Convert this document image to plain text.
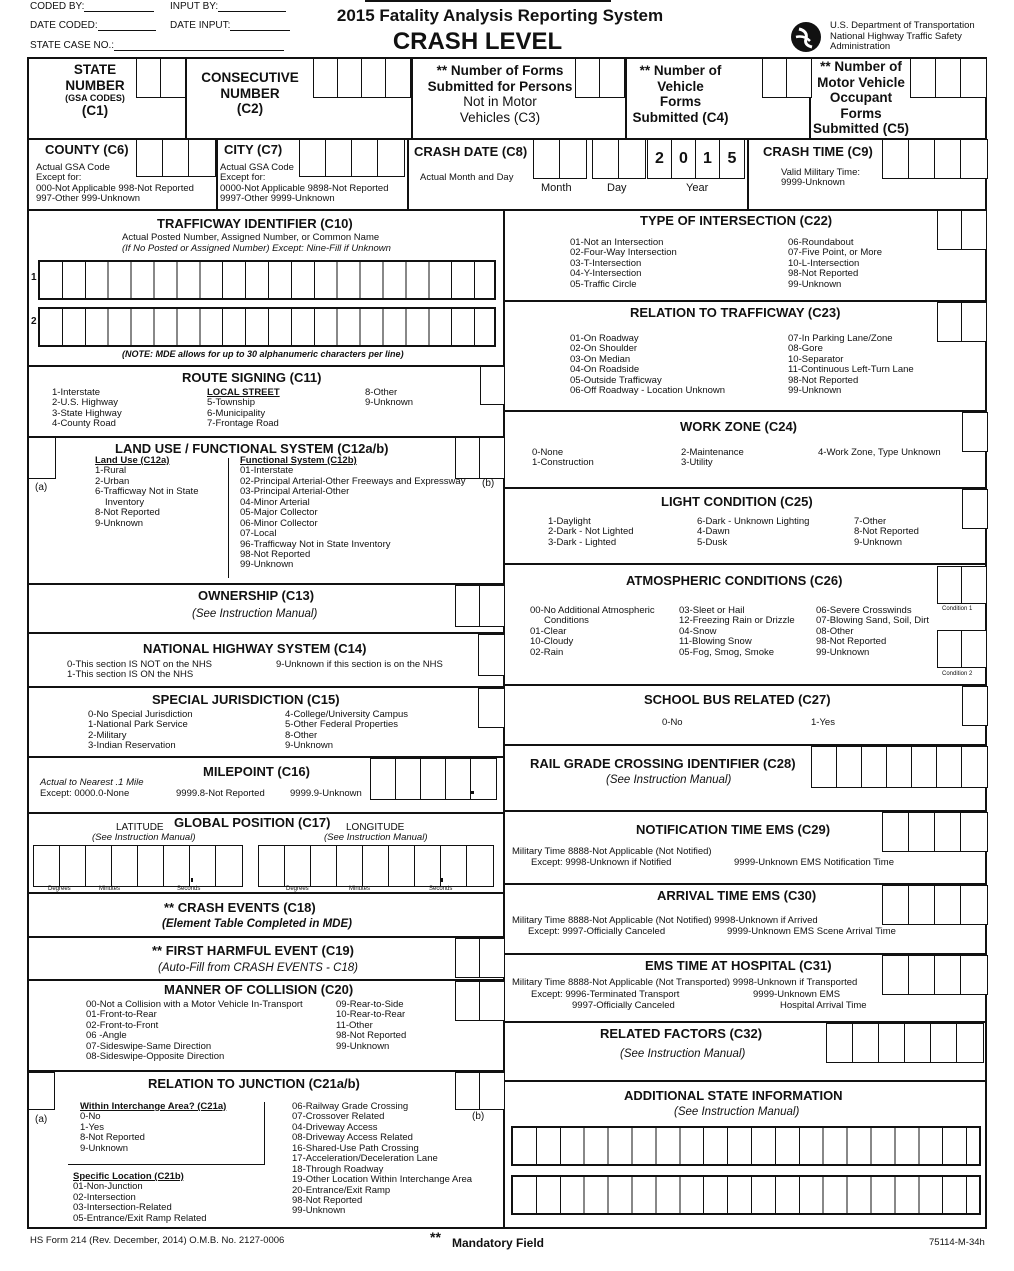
CODED BY:
DATE CODED:
STATE CASE NO.:
INPUT BY:
DATE INPUT:
2015 Fatality Analysis Reporting System
CRASH LEVEL
U.S. Department of Transportation
National Highway Traffic Safety
Administration
STATE
NUMBER
(GSA CODES)
(C1)
CONSECUTIVE
NUMBER
(C2)
** Number of Forms
Submitted for Persons
Not in Motor
Vehicles (C3)
** Number of
Vehicle
Forms
Submitted (C4)
** Number of
Motor Vehicle
Occupant
Forms
Submitted (C5)
COUNTY (C6)
Actual GSA Code
Except for:
000-Not Applicable 998-Not Reported
997-Other 999-Unknown
CITY (C7)
Actual GSA Code
Except for:
0000-Not Applicable 9898-Not Reported
9997-Other 9999-Unknown
CRASH DATE (C8)
Actual Month and Day
2 0 1 5
Month	Day	Year
CRASH TIME (C9)
Valid Military Time:
9999-Unknown
TRAFFICWAY IDENTIFIER (C10)
Actual Posted Number, Assigned Number, or Common Name
(If No Posted or Assigned Number) Except: Nine-Fill if Unknown
1
2
(NOTE: MDE allows for up to 30 alphanumeric characters per line)
ROUTE SIGNING (C11)
1-Interstate
2-U.S. Highway
3-State Highway
4-County Road
LOCAL STREET
5-Township
6-Municipality
7-Frontage Road
8-Other
9-Unknown
LAND USE / FUNCTIONAL SYSTEM (C12a/b)
(a)	(b)
Land Use (C12a)
1-Rural
2-Urban
6-Trafficway Not in State
Inventory
8-Not Reported
9-Unknown
Functional System (C12b)
01-Interstate
02-Principal Arterial-Other Freeways and Expressway
03-Principal Arterial-Other
04-Minor Arterial
05-Major Collector
06-Minor Collector
07-Local
96-Trafficway Not in State Inventory
98-Not Reported
99-Unknown
OWNERSHIP (C13)
(See Instruction Manual)
NATIONAL HIGHWAY SYSTEM (C14)
0-This section IS NOT on the NHS
1-This section IS ON the NHS
9-Unknown if this section is on the NHS
SPECIAL JURISDICTION (C15)
0-No Special Jurisdiction
1-National Park Service
2-Military
3-Indian Reservation
4-College/University Campus
5-Other Federal Properties
8-Other
9-Unknown
MILEPOINT (C16)
Actual to Nearest .1 Mile
Except: 0000.0-None	9999.8-Not Reported	9999.9-Unknown
GLOBAL POSITION (C17)
LATITUDE	LONGITUDE
(See Instruction Manual)	(See Instruction Manual)
Degrees	Minutes	Seconds	Degrees	Minutes	Seconds
** CRASH EVENTS (C18)
(Element Table Completed in MDE)
** FIRST HARMFUL EVENT (C19)
(Auto-Fill from CRASH EVENTS - C18)
MANNER OF COLLISION (C20)
00-Not a Collision with a Motor Vehicle In-Transport
01-Front-to-Rear
02-Front-to-Front
06 -Angle
07-Sideswipe-Same Direction
08-Sideswipe-Opposite Direction
09-Rear-to-Side
10-Rear-to-Rear
11-Other
98-Not Reported
99-Unknown
RELATION TO JUNCTION (C21a/b)
(a)	(b)
Within Interchange Area? (C21a)
0-No
1-Yes
8-Not Reported
9-Unknown
Specific Location (C21b)
01-Non-Junction
02-Intersection
03-Intersection-Related
05-Entrance/Exit Ramp Related
06-Railway Grade Crossing
07-Crossover Related
04-Driveway Access
08-Driveway Access Related
16-Shared-Use Path Crossing
17-Acceleration/Deceleration Lane
18-Through Roadway
19-Other Location Within Interchange Area
20-Entrance/Exit Ramp
98-Not Reported
99-Unknown
TYPE OF INTERSECTION (C22)
01-Not an Intersection
02-Four-Way Intersection
03-T-Intersection
04-Y-Intersection
05-Traffic Circle
06-Roundabout
07-Five Point, or More
10-L-Intersection
98-Not Reported
99-Unknown
RELATION TO TRAFFICWAY (C23)
01-On Roadway
02-On Shoulder
03-On Median
04-On Roadside
05-Outside Trafficway
06-Off Roadway - Location Unknown
07-In Parking Lane/Zone
08-Gore
10-Separator
11-Continuous Left-Turn Lane
98-Not Reported
99-Unknown
WORK ZONE (C24)
0-None
1-Construction
2-Maintenance
3-Utility
4-Work Zone, Type Unknown
LIGHT CONDITION (C25)
1-Daylight
2-Dark - Not Lighted
3-Dark - Lighted
6-Dark - Unknown Lighting
4-Dawn
5-Dusk
7-Other
8-Not Reported
9-Unknown
ATMOSPHERIC CONDITIONS (C26)
Condition 1
Condition 2
00-No Additional Atmospheric
Conditions
01-Clear
10-Cloudy
02-Rain
03-Sleet or Hail
12-Freezing Rain or Drizzle
04-Snow
11-Blowing Snow
05-Fog, Smog, Smoke
06-Severe Crosswinds
07-Blowing Sand, Soil, Dirt
08-Other
98-Not Reported
99-Unknown
SCHOOL BUS RELATED (C27)
0-No	1-Yes
RAIL GRADE CROSSING IDENTIFIER (C28)
(See Instruction Manual)
NOTIFICATION TIME EMS (C29)
Military Time 8888-Not Applicable (Not Notified)
Except: 9998-Unknown if Notified	9999-Unknown EMS Notification Time
ARRIVAL TIME EMS (C30)
Military Time 8888-Not Applicable (Not Notified) 9998-Unknown if Arrived
Except: 9997-Officially Canceled	9999-Unknown EMS Scene Arrival Time
EMS TIME AT HOSPITAL (C31)
Military Time 8888-Not Applicable (Not Transported) 9998-Unknown if Transported
Except: 9996-Terminated Transport	9999-Unknown EMS
9997-Officially Canceled	Hospital Arrival Time
RELATED FACTORS (C32)
(See Instruction Manual)
ADDITIONAL STATE INFORMATION
(See Instruction Manual)
HS Form 214 (Rev. December, 2014) O.M.B. No. 2127-0006	** Mandatory Field	75114-M-34h
